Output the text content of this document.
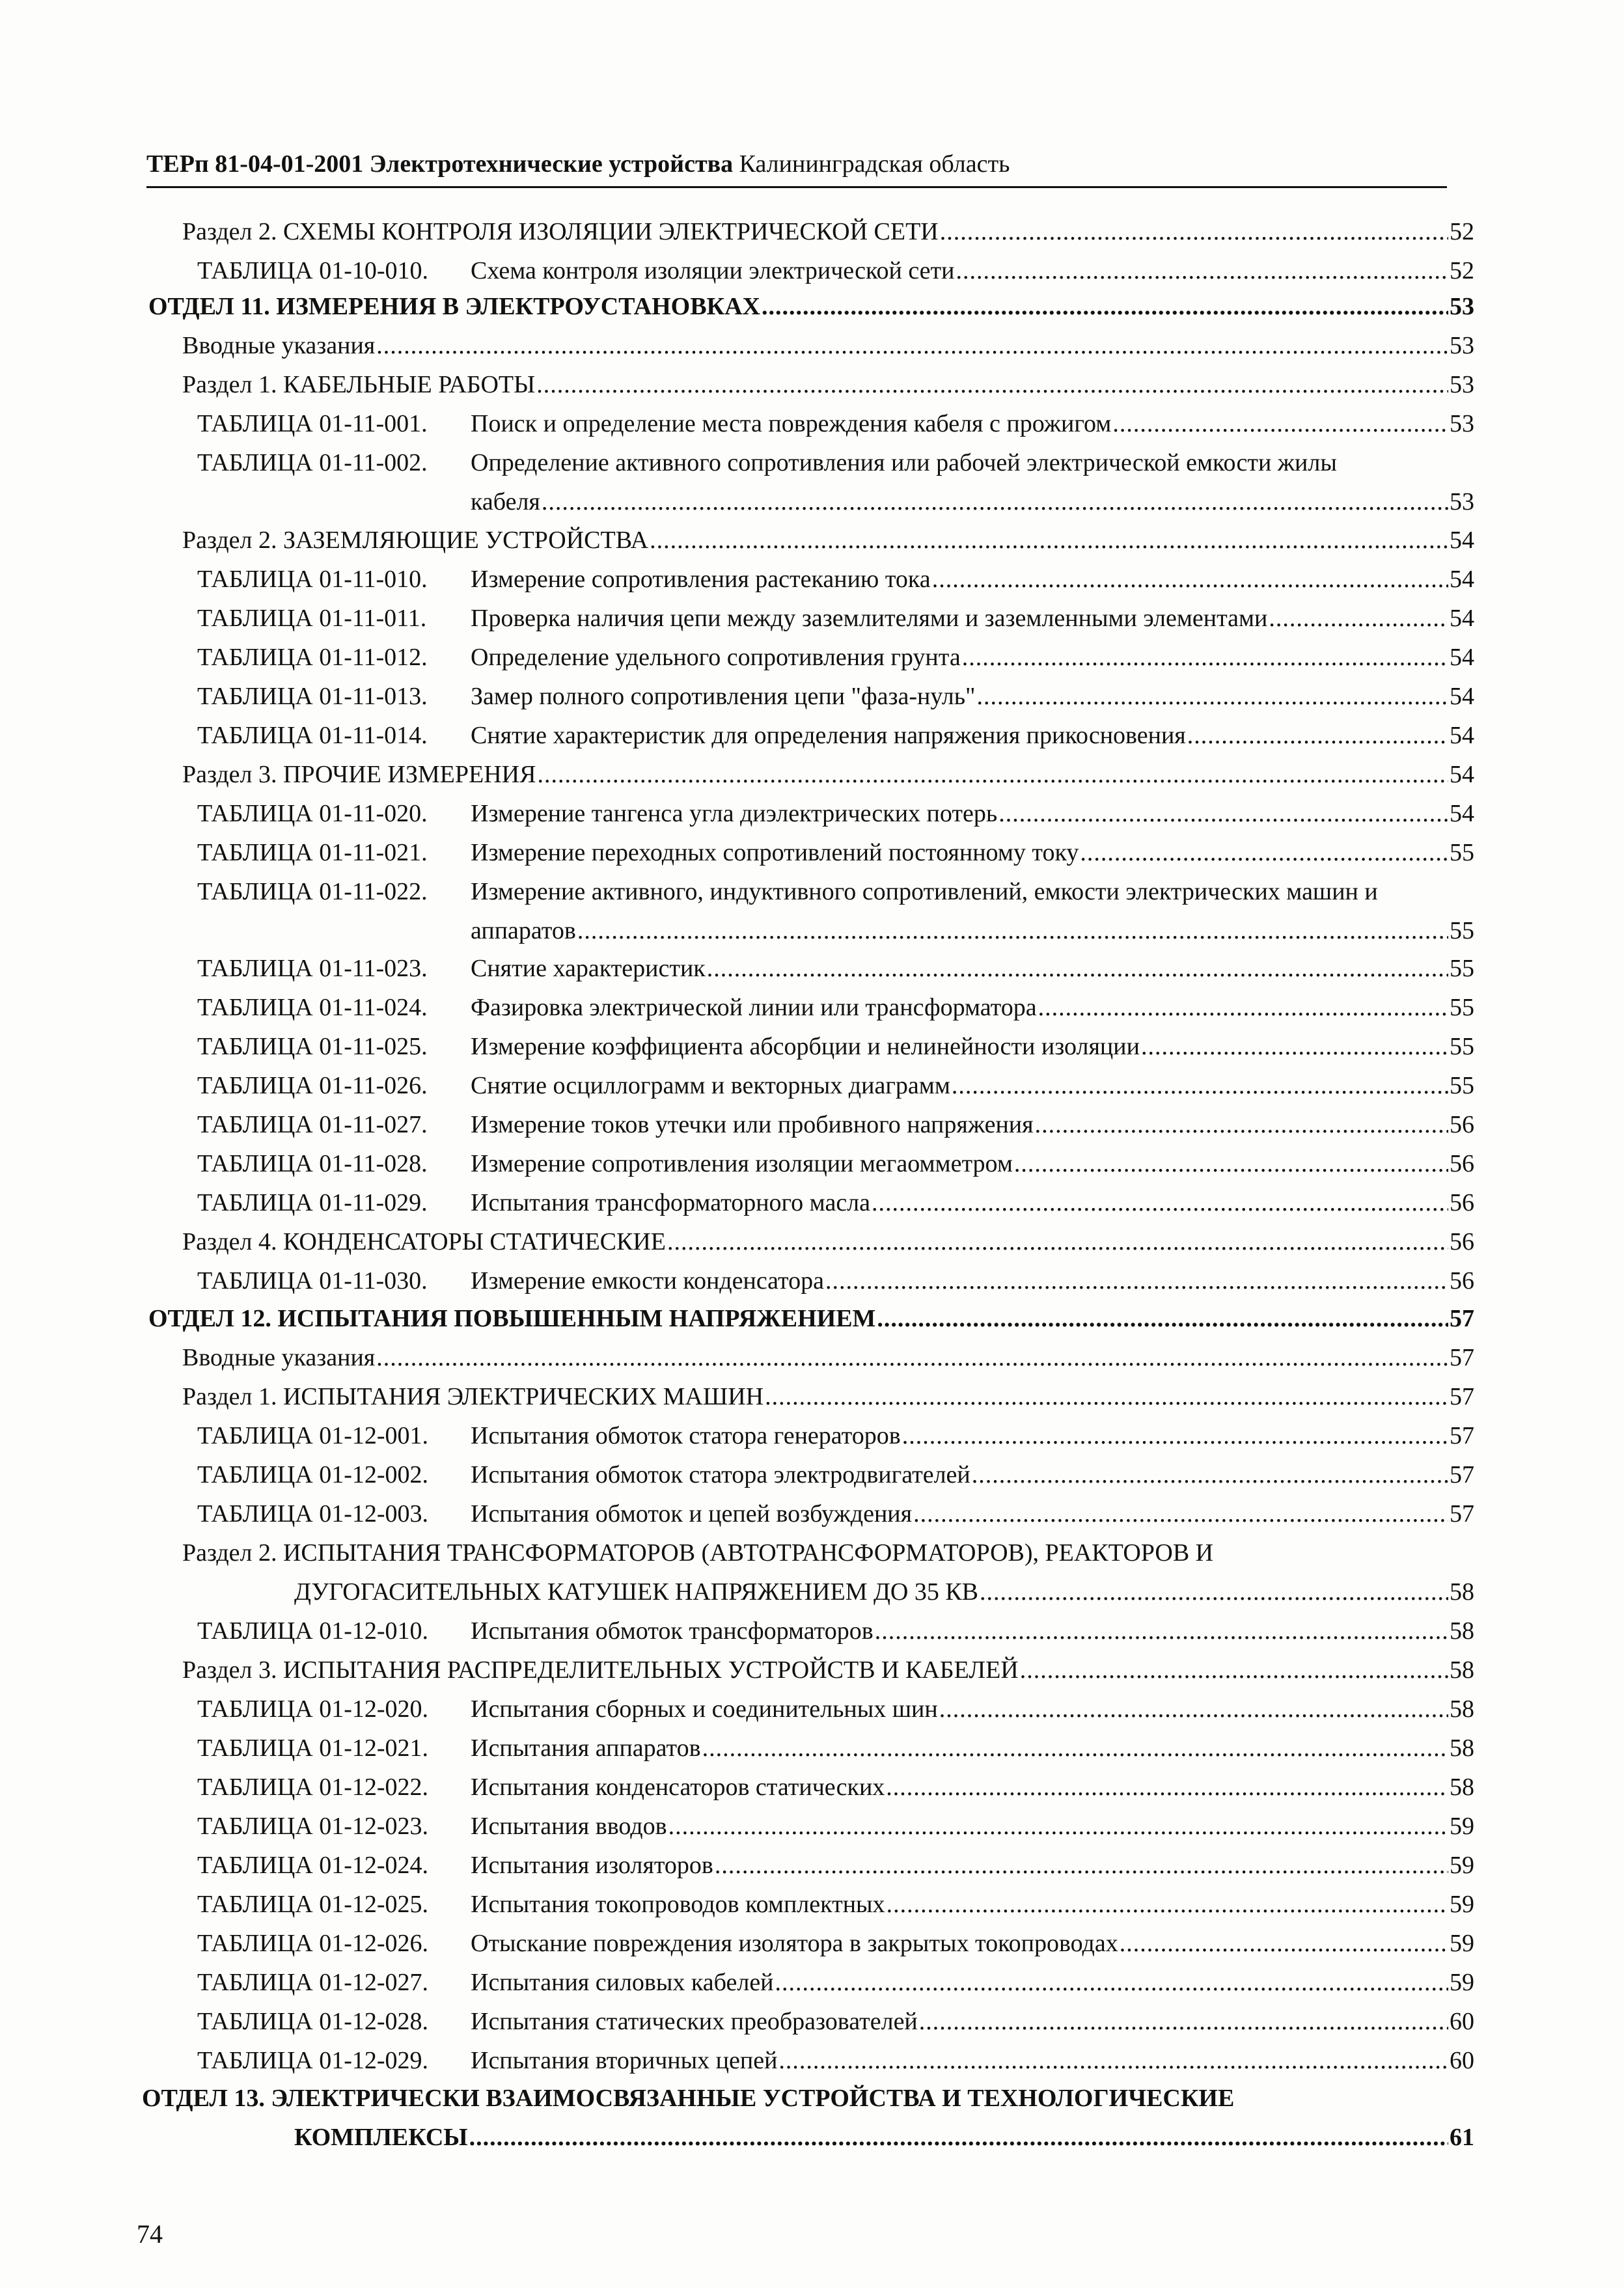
ТЕРп 81-04-01-2001 Электротехнические устройства Калининградская область
Раздел 2. СХЕМЫ КОНТРОЛЯ ИЗОЛЯЦИИ ЭЛЕКТРИЧЕСКОЙ СЕТИ .....	52
ТАБЛИЦА 01-10-010.	Схема контроля изоляции электрической сети .....	52
ОТДЕЛ 11. ИЗМЕРЕНИЯ В ЭЛЕКТРОУСТАНОВКАХ .....	53
Вводные указания .....	53
Раздел 1. КАБЕЛЬНЫЕ РАБОТЫ .....	53
ТАБЛИЦА 01-11-001.	Поиск и определение места повреждения кабеля с прожигом .....	53
ТАБЛИЦА 01-11-002. Определение активного сопротивления или рабочей электрической емкости жилы
кабеля .....	53
Раздел 2. ЗАЗЕМЛЯЮЩИЕ УСТРОЙСТВА .....	54
ТАБЛИЦА 01-11-010.	Измерение сопротивления растеканию тока .....	54
ТАБЛИЦА 01-11-011.	Проверка наличия цепи между заземлителями и заземленными элементами .....	54
ТАБЛИЦА 01-11-012.	Определение удельного сопротивления грунта .....	54
ТАБЛИЦА 01-11-013.	Замер полного сопротивления цепи "фаза-нуль" .....	54
ТАБЛИЦА 01-11-014.	Снятие характеристик для определения напряжения прикосновения .....	54
Раздел 3. ПРОЧИЕ ИЗМЕРЕНИЯ .....	54
ТАБЛИЦА 01-11-020.	Измерение тангенса угла диэлектрических потерь .....	54
ТАБЛИЦА 01-11-021.	Измерение переходных сопротивлений постоянному току .....	55
ТАБЛИЦА 01-11-022. Измерение активного, индуктивного сопротивлений, емкости электрических машин и
аппаратов .....	55
ТАБЛИЦА 01-11-023.	Снятие характеристик .....	55
ТАБЛИЦА 01-11-024.	Фазировка электрической линии или трансформатора .....	55
ТАБЛИЦА 01-11-025.	Измерение коэффициента абсорбции и нелинейности изоляции .....	55
ТАБЛИЦА 01-11-026.	Снятие осциллограмм и векторных диаграмм .....	55
ТАБЛИЦА 01-11-027.	Измерение токов утечки или пробивного напряжения .....	56
ТАБЛИЦА 01-11-028.	Измерение сопротивления изоляции мегаомметром .....	56
ТАБЛИЦА 01-11-029.	Испытания трансформаторного масла .....	56
Раздел 4. КОНДЕНСАТОРЫ СТАТИЧЕСКИЕ .....	56
ТАБЛИЦА 01-11-030.	Измерение емкости конденсатора .....	56
ОТДЕЛ 12. ИСПЫТАНИЯ ПОВЫШЕННЫМ НАПРЯЖЕНИЕМ .....	57
Вводные указания .....	57
Раздел 1. ИСПЫТАНИЯ ЭЛЕКТРИЧЕСКИХ МАШИН .....	57
ТАБЛИЦА 01-12-001.	Испытания обмоток статора генераторов .....	57
ТАБЛИЦА 01-12-002.	Испытания обмоток статора электродвигателей .....	57
ТАБЛИЦА 01-12-003.	Испытания обмоток и цепей возбуждения .....	57
Раздел 2. ИСПЫТАНИЯ ТРАНСФОРМАТОРОВ (АВТОТРАНСФОРМАТОРОВ), РЕАКТОРОВ И
ДУГОГАСИТЕЛЬНЫХ КАТУШЕК НАПРЯЖЕНИЕМ ДО 35 КВ .....	58
ТАБЛИЦА 01-12-010.	Испытания обмоток трансформаторов .....	58
Раздел 3. ИСПЫТАНИЯ РАСПРЕДЕЛИТЕЛЬНЫХ УСТРОЙСТВ И КАБЕЛЕЙ .....	58
ТАБЛИЦА 01-12-020.	Испытания сборных и соединительных шин .....	58
ТАБЛИЦА 01-12-021.	Испытания аппаратов .....	58
ТАБЛИЦА 01-12-022.	Испытания конденсаторов статических .....	58
ТАБЛИЦА 01-12-023.	Испытания вводов .....	59
ТАБЛИЦА 01-12-024.	Испытания изоляторов .....	59
ТАБЛИЦА 01-12-025.	Испытания токопроводов комплектных .....	59
ТАБЛИЦА 01-12-026.	Отыскание повреждения изолятора в закрытых токопроводах .....	59
ТАБЛИЦА 01-12-027.	Испытания силовых кабелей .....	59
ТАБЛИЦА 01-12-028.	Испытания статических преобразователей .....	60
ТАБЛИЦА 01-12-029.	Испытания вторичных цепей .....	60
ОТДЕЛ 13. ЭЛЕКТРИЧЕСКИ ВЗАИМОСВЯЗАННЫЕ УСТРОЙСТВА И ТЕХНОЛОГИЧЕСКИЕ
КОМПЛЕКСЫ .....	61
74
